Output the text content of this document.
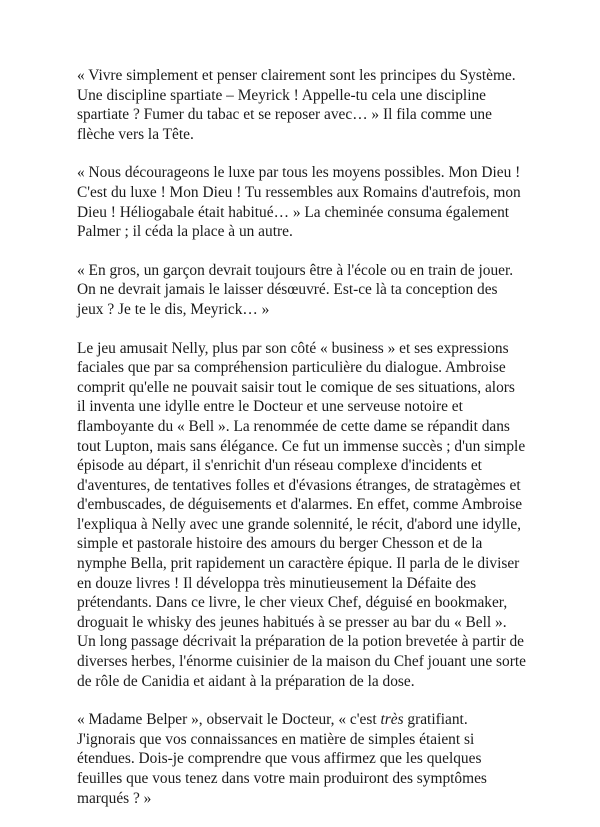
« Vivre simplement et penser clairement sont les principes du Système. Une discipline spartiate – Meyrick ! Appelle-tu cela une discipline spartiate ? Fumer du tabac et se reposer avec… » Il fila comme une flèche vers la Tête.

« Nous décourageons le luxe par tous les moyens possibles. Mon Dieu ! C'est du luxe ! Mon Dieu ! Tu ressembles aux Romains d'autrefois, mon Dieu ! Héliogabale était habitué… » La cheminée consuma également Palmer ; il céda la place à un autre.

« En gros, un garçon devrait toujours être à l'école ou en train de jouer. On ne devrait jamais le laisser désœuvré. Est-ce là ta conception des jeux ? Je te le dis, Meyrick… »

Le jeu amusait Nelly, plus par son côté « business » et ses expressions faciales que par sa compréhension particulière du dialogue. Ambroise comprit qu'elle ne pouvait saisir tout le comique de ses situations, alors il inventa une idylle entre le Docteur et une serveuse notoire et flamboyante du « Bell ». La renommée de cette dame se répandit dans tout Lupton, mais sans élégance. Ce fut un immense succès ; d'un simple épisode au départ, il s'enrichit d'un réseau complexe d'incidents et d'aventures, de tentatives folles et d'évasions étranges, de stratagèmes et d'embuscades, de déguisements et d'alarmes. En effet, comme Ambroise l'expliqua à Nelly avec une grande solennité, le récit, d'abord une idylle, simple et pastorale histoire des amours du berger Chesson et de la nymphe Bella, prit rapidement un caractère épique. Il parla de le diviser en douze livres ! Il développa très minutieusement la Défaite des prétendants. Dans ce livre, le cher vieux Chef, déguisé en bookmaker, droguait le whisky des jeunes habitués à se presser au bar du « Bell ». Un long passage décrivait la préparation de la potion brevetée à partir de diverses herbes, l'énorme cuisinier de la maison du Chef jouant une sorte de rôle de Canidia et aidant à la préparation de la dose.

« Madame Belper », observait le Docteur, « c'est très gratifiant. J'ignorais que vos connaissances en matière de simples étaient si étendues. Dois-je comprendre que vous affirmez que les quelques feuilles que vous tenez dans votre main produiront des symptômes marqués ? »
